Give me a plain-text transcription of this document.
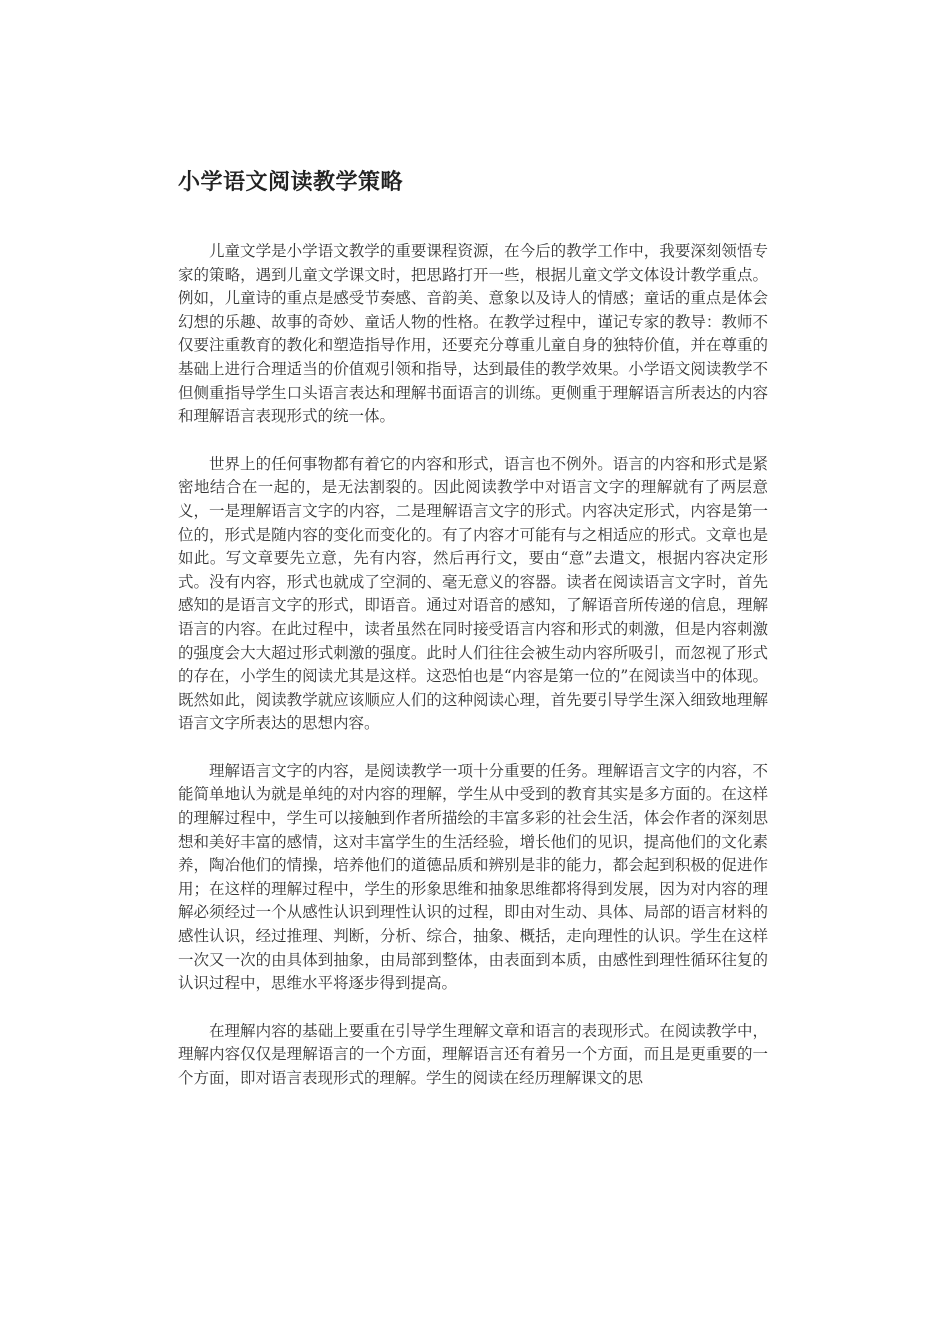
小学语文阅读教学策略

儿童文学是小学语文教学的重要课程资源，在今后的教学工作中，我要深刻领悟专家的策略，遇到儿童文学课文时，把思路打开一些，根据儿童文学文体设计教学重点。例如，儿童诗的重点是感受节奏感、音韵美、意象以及诗人的情感；童话的重点是体会幻想的乐趣、故事的奇妙、童话人物的性格。在教学过程中，谨记专家的教导：教师不仅要注重教育的教化和塑造指导作用，还要充分尊重儿童自身的独特价值，并在尊重的基础上进行合理适当的价值观引领和指导，达到最佳的教学效果。小学语文阅读教学不但侧重指导学生口头语言表达和理解书面语言的训练。更侧重于理解语言所表达的内容和理解语言表现形式的统一体。

世界上的任何事物都有着它的内容和形式，语言也不例外。语言的内容和形式是紧密地结合在一起的，是无法割裂的。因此阅读教学中对语言文字的理解就有了两层意义，一是理解语言文字的内容，二是理解语言文字的形式。内容决定形式，内容是第一位的，形式是随内容的变化而变化的。有了内容才可能有与之相适应的形式。文章也是如此。写文章要先立意，先有内容，然后再行文，要由“意”去遣文，根据内容决定形式。没有内容，形式也就成了空洞的、毫无意义的容器。读者在阅读语言文字时，首先感知的是语言文字的形式，即语音。通过对语音的感知，了解语音所传递的信息，理解语言的内容。在此过程中，读者虽然在同时接受语言内容和形式的刺激，但是内容刺激的强度会大大超过形式刺激的强度。此时人们往往会被生动内容所吸引，而忽视了形式的存在，小学生的阅读尤其是这样。这恐怕也是“内容是第一位的”在阅读当中的体现。既然如此，阅读教学就应该顺应人们的这种阅读心理，首先要引导学生深入细致地理解语言文字所表达的思想内容。

理解语言文字的内容，是阅读教学一项十分重要的任务。理解语言文字的内容，不能简单地认为就是单纯的对内容的理解，学生从中受到的教育其实是多方面的。在这样的理解过程中，学生可以接触到作者所描绘的丰富多彩的社会生活，体会作者的深刻思想和美好丰富的感情，这对丰富学生的生活经验，增长他们的见识，提高他们的文化素养，陶冶他们的情操，培养他们的道德品质和辨别是非的能力，都会起到积极的促进作用；在这样的理解过程中，学生的形象思维和抽象思维都将得到发展，因为对内容的理解必须经过一个从感性认识到理性认识的过程，即由对生动、具体、局部的语言材料的感性认识，经过推理、判断，分析、综合，抽象、概括，走向理性的认识。学生在这样一次又一次的由具体到抽象，由局部到整体，由表面到本质，由感性到理性循环往复的认识过程中，思维水平将逐步得到提高。

在理解内容的基础上要重在引导学生理解文章和语言的表现形式。在阅读教学中，理解内容仅仅是理解语言的一个方面，理解语言还有着另一个方面，而且是更重要的一个方面，即对语言表现形式的理解。学生的阅读在经历理解课文的思
